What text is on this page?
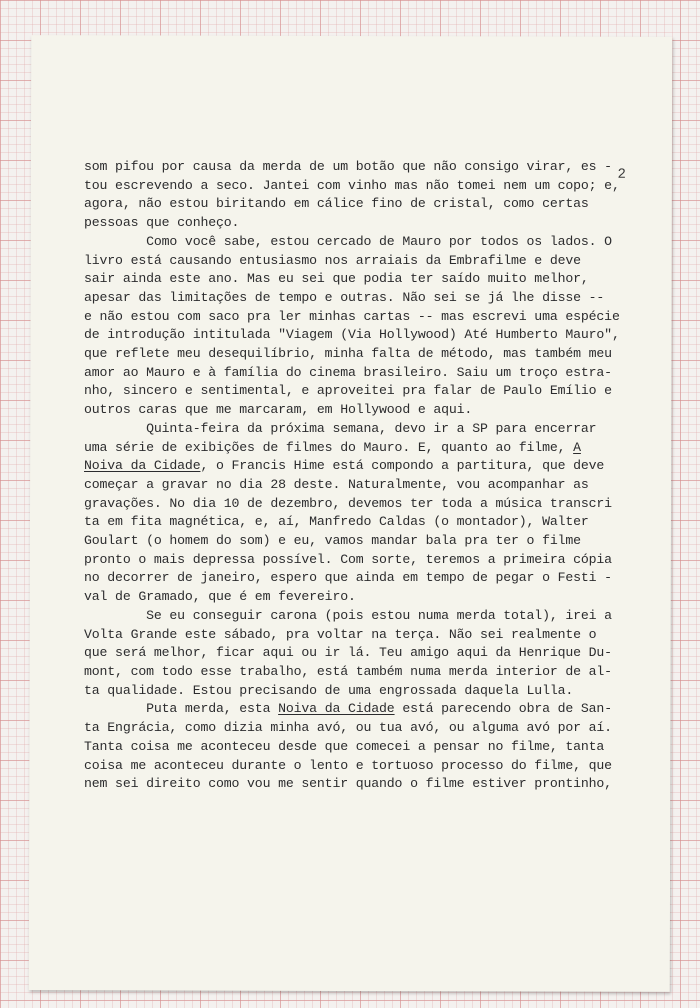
2
som pifou por causa da merda de um botão que não consigo virar, es -
tou escrevendo a seco. Jantei com vinho mas não tomei nem um copo; e,
agora, não estou biritando em cálice fino de cristal, como certas
pessoas que conheço.
Como você sabe, estou cercado de Mauro por todos os lados. O
livro está causando entusiasmo nos arraiais da Embrafilme e deve
sair ainda este ano. Mas eu sei que podia ter saído muito melhor,
apesar das limitações de tempo e outras. Não sei se já lhe disse --
e não estou com saco pra ler minhas cartas -- mas escrevi uma espécie
de introdução intitulada "Viagem (Via Hollywood) Até Humberto Mauro",
que reflete meu desequilíbrio, minha falta de método, mas também meu
amor ao Mauro e à família do cinema brasileiro. Saiu um troço estra-
nho, sincero e sentimental, e aproveitei pra falar de Paulo Emílio e
outros caras que me marcaram, em Hollywood e aqui.
Quinta-feira da próxima semana, devo ir a SP para encerrar
uma série de exibições de filmes do Mauro. E, quanto ao filme, A
Noiva da Cidade, o Francis Hime está compondo a partitura, que deve
começar a gravar no dia 28 deste. Naturalmente, vou acompanhar as
gravações. No dia 10 de dezembro, devemos ter toda a música transcri
ta em fita magnética, e, aí, Manfredo Caldas (o montador), Walter
Goulart (o homem do som) e eu, vamos mandar bala pra ter o filme
pronto o mais depressa possível. Com sorte, teremos a primeira cópia
no decorrer de janeiro, espero que ainda em tempo de pegar o Festi -
val de Gramado, que é em fevereiro.
Se eu conseguir carona (pois estou numa merda total), irei a
Volta Grande este sábado, pra voltar na terça. Não sei realmente o
que será melhor, ficar aqui ou ir lá. Teu amigo aqui da Henrique Du-
mont, com todo esse trabalho, está também numa merda interior de al-
ta qualidade. Estou precisando de uma engrossada daquela Lulla.
Puta merda, esta Noiva da Cidade está parecendo obra de San-
ta Engrácia, como dizia minha avó, ou tua avó, ou alguma avó por aí.
Tanta coisa me aconteceu desde que comecei a pensar no filme, tanta
coisa me aconteceu durante o lento e tortuoso processo do filme, que
nem sei direito como vou me sentir quando o filme estiver prontinho,
